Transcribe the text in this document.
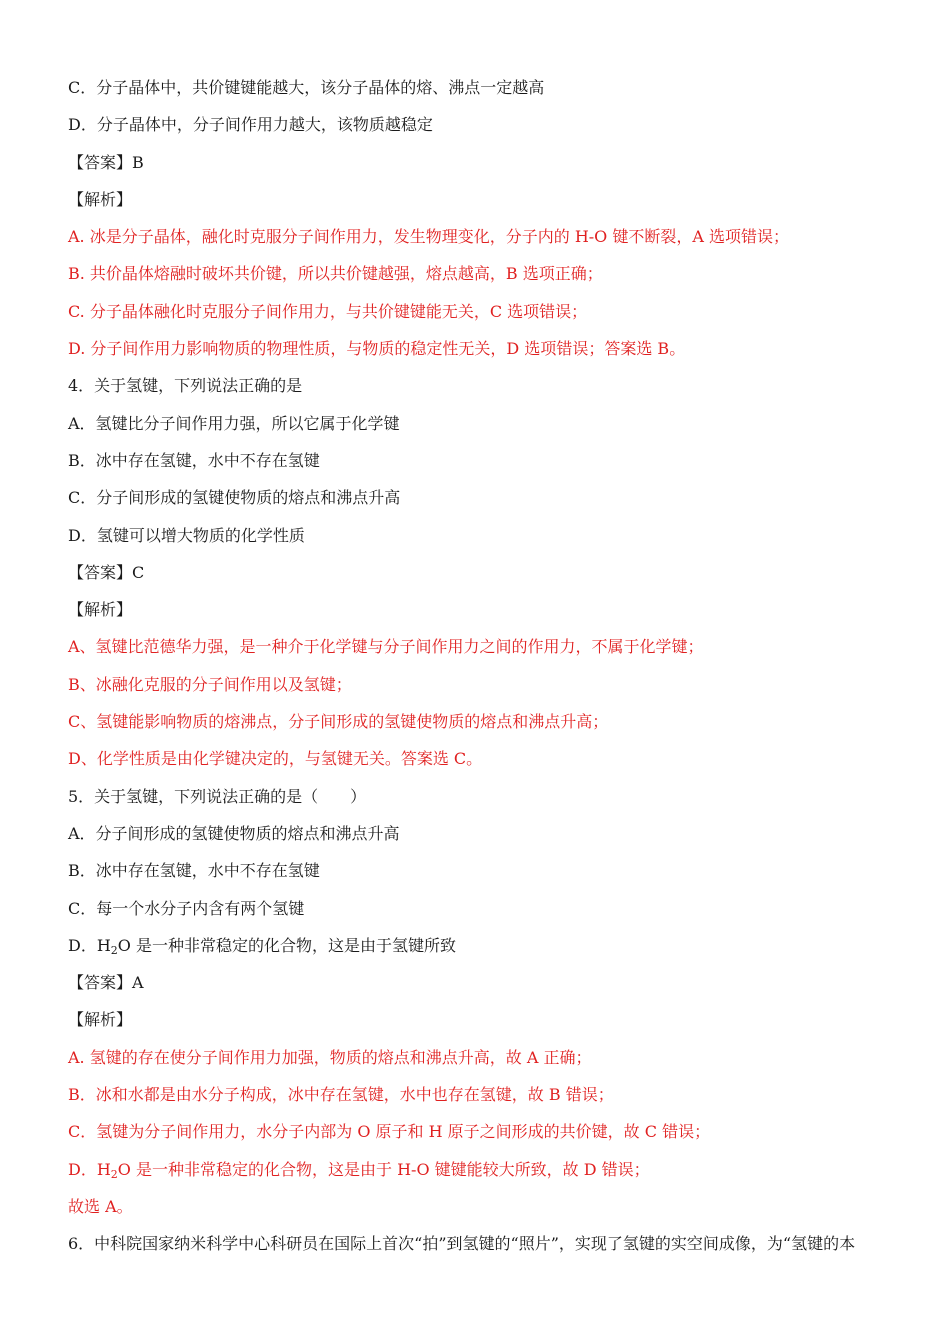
C．分子晶体中，共价键键能越大，该分子晶体的熔、沸点一定越高
D．分子晶体中，分子间作用力越大，该物质越稳定
【答案】B
【解析】
A. 冰是分子晶体，融化时克服分子间作用力，发生物理变化，分子内的 H-O 键不断裂，A 选项错误；
B. 共价晶体熔融时破坏共价键，所以共价键越强，熔点越高，B 选项正确；
C. 分子晶体融化时克服分子间作用力，与共价键键能无关，C 选项错误；
D. 分子间作用力影响物质的物理性质，与物质的稳定性无关，D 选项错误；答案选 B。
4．关于氢键，下列说法正确的是
A．氢键比分子间作用力强，所以它属于化学键
B．冰中存在氢键，水中不存在氢键
C．分子间形成的氢键使物质的熔点和沸点升高
D．氢键可以增大物质的化学性质
【答案】C
【解析】
A、氢键比范德华力强，是一种介于化学键与分子间作用力之间的作用力，不属于化学键；
B、冰融化克服的分子间作用以及氢键；
C、氢键能影响物质的熔沸点，分子间形成的氢键使物质的熔点和沸点升高；
D、化学性质是由化学键决定的，与氢键无关。答案选 C。
5．关于氢键，下列说法正确的是（　　）
A．分子间形成的氢键使物质的熔点和沸点升高
B．冰中存在氢键，水中不存在氢键
C．每一个水分子内含有两个氢键
D．$H_2O$ 是一种非常稳定的化合物，这是由于氢键所致
【答案】A
【解析】
A. 氢键的存在使分子间作用力加强，物质的熔点和沸点升高，故 A 正确；
B．冰和水都是由水分子构成，冰中存在氢键，水中也存在氢键，故 B 错误；
C．氢键为分子间作用力，水分子内部为 O 原子和 H 原子之间形成的共价键，故 C 错误；
D．$H_2O$ 是一种非常稳定的化合物，这是由于 H-O 键键能较大所致，故 D 错误；
故选 A。
6．中科院国家纳米科学中心科研员在国际上首次“拍”到氢键的“照片”，实现了氢键的实空间成像，为“氢键的本
